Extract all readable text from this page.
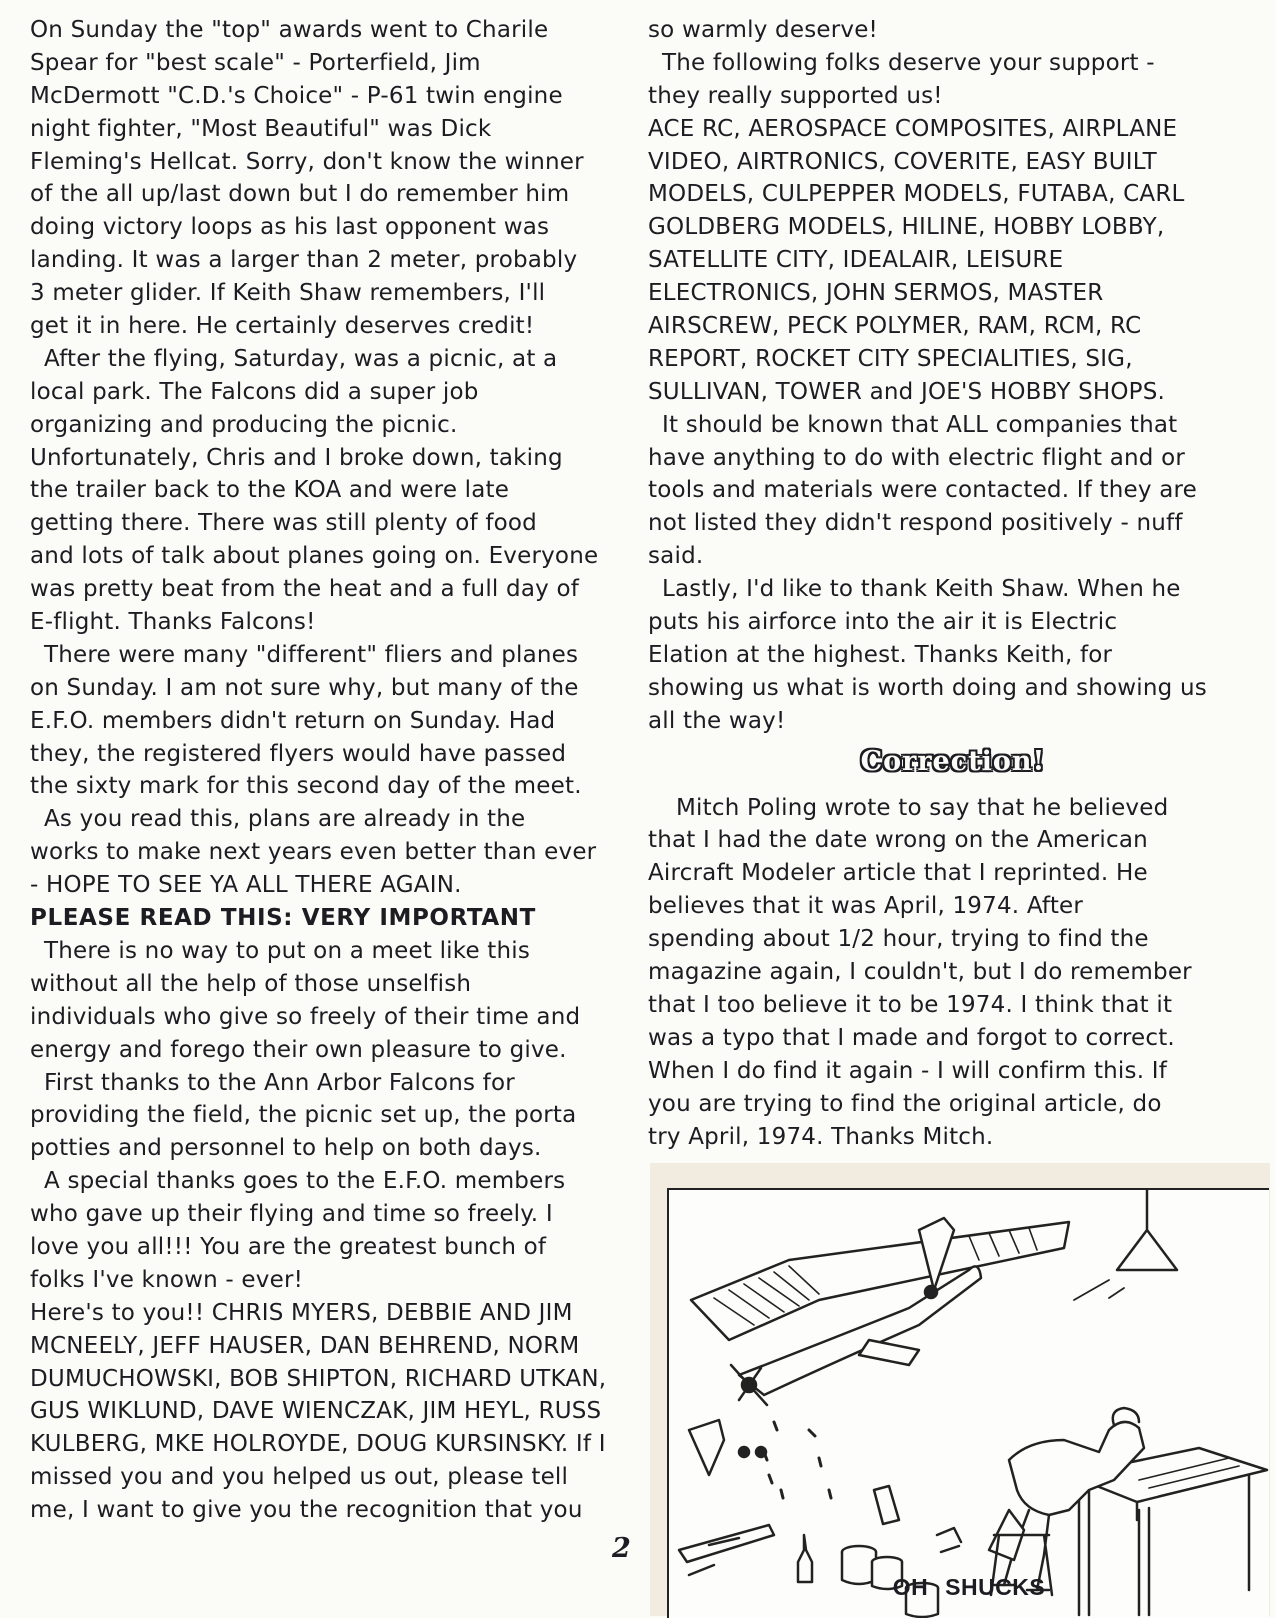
On Sunday the "top" awards went to Charile
Spear for "best scale" - Porterfield, Jim
McDermott "C.D.'s Choice" - P-61 twin engine
night fighter, "Most Beautiful" was Dick
Fleming's Hellcat. Sorry, don't know the winner
of the all up/last down but I do remember him
doing victory loops as his last opponent was
landing. It was a larger than 2 meter, probably
3 meter glider. If Keith Shaw remembers, I'll
get it in here. He certainly deserves credit!
After the flying, Saturday, was a picnic, at a
local park. The Falcons did a super job
organizing and producing the picnic.
Unfortunately, Chris and I broke down, taking
the trailer back to the KOA and were late
getting there. There was still plenty of food
and lots of talk about planes going on. Everyone
was pretty beat from the heat and a full day of
E-flight. Thanks Falcons!
There were many "different" fliers and planes
on Sunday. I am not sure why, but many of the
E.F.O. members didn't return on Sunday. Had
they, the registered flyers would have passed
the sixty mark for this second day of the meet.
As you read this, plans are already in the
works to make next years even better than ever
- HOPE TO SEE YA ALL THERE AGAIN.
PLEASE READ THIS: VERY IMPORTANT
There is no way to put on a meet like this
without all the help of those unselfish
individuals who give so freely of their time and
energy and forego their own pleasure to give.
First thanks to the Ann Arbor Falcons for
providing the field, the picnic set up, the porta
potties and personnel to help on both days.
A special thanks goes to the E.F.O. members
who gave up their flying and time so freely. I
love you all!!! You are the greatest bunch of
folks I've known - ever!
Here's to you!! CHRIS MYERS, DEBBIE AND JIM
MCNEELY, JEFF HAUSER, DAN BEHREND, NORM
DUMUCHOWSKI, BOB SHIPTON, RICHARD UTKAN,
GUS WIKLUND, DAVE WIENCZAK, JIM HEYL, RUSS
KULBERG, MKE HOLROYDE, DOUG KURSINSKY. If I
missed you and you helped us out, please tell
me, I want to give you the recognition that you
so warmly deserve!
The following folks deserve your support -
they really supported us!
ACE RC, AEROSPACE COMPOSITES, AIRPLANE
VIDEO, AIRTRONICS, COVERITE, EASY BUILT
MODELS, CULPEPPER MODELS, FUTABA, CARL
GOLDBERG MODELS, HILINE, HOBBY LOBBY,
SATELLITE CITY, IDEALAIR, LEISURE
ELECTRONICS, JOHN SERMOS, MASTER
AIRSCREW, PECK POLYMER, RAM, RCM, RC
REPORT, ROCKET CITY SPECIALITIES, SIG,
SULLIVAN, TOWER and JOE'S HOBBY SHOPS.
It should be known that ALL companies that
have anything to do with electric flight and or
tools and materials were contacted. If they are
not listed they didn't respond positively - nuff
said.
Lastly, I'd like to thank Keith Shaw. When he
puts his airforce into the air it is Electric
Elation at the highest. Thanks Keith, for
showing us what is worth doing and showing us
all the way!
Correction!
Mitch Poling wrote to say that he believed
that I had the date wrong on the American
Aircraft Modeler article that I reprinted. He
believes that it was April, 1974. After
spending about 1/2 hour, trying to find the
magazine again, I couldn't, but I do remember
that I too believe it to be 1974. I think that it
was a typo that I made and forgot to correct.
When I do find it again - I will confirm this. If
you are trying to find the original article, do
try April, 1974. Thanks Mitch.
2
OH SHUCKS
